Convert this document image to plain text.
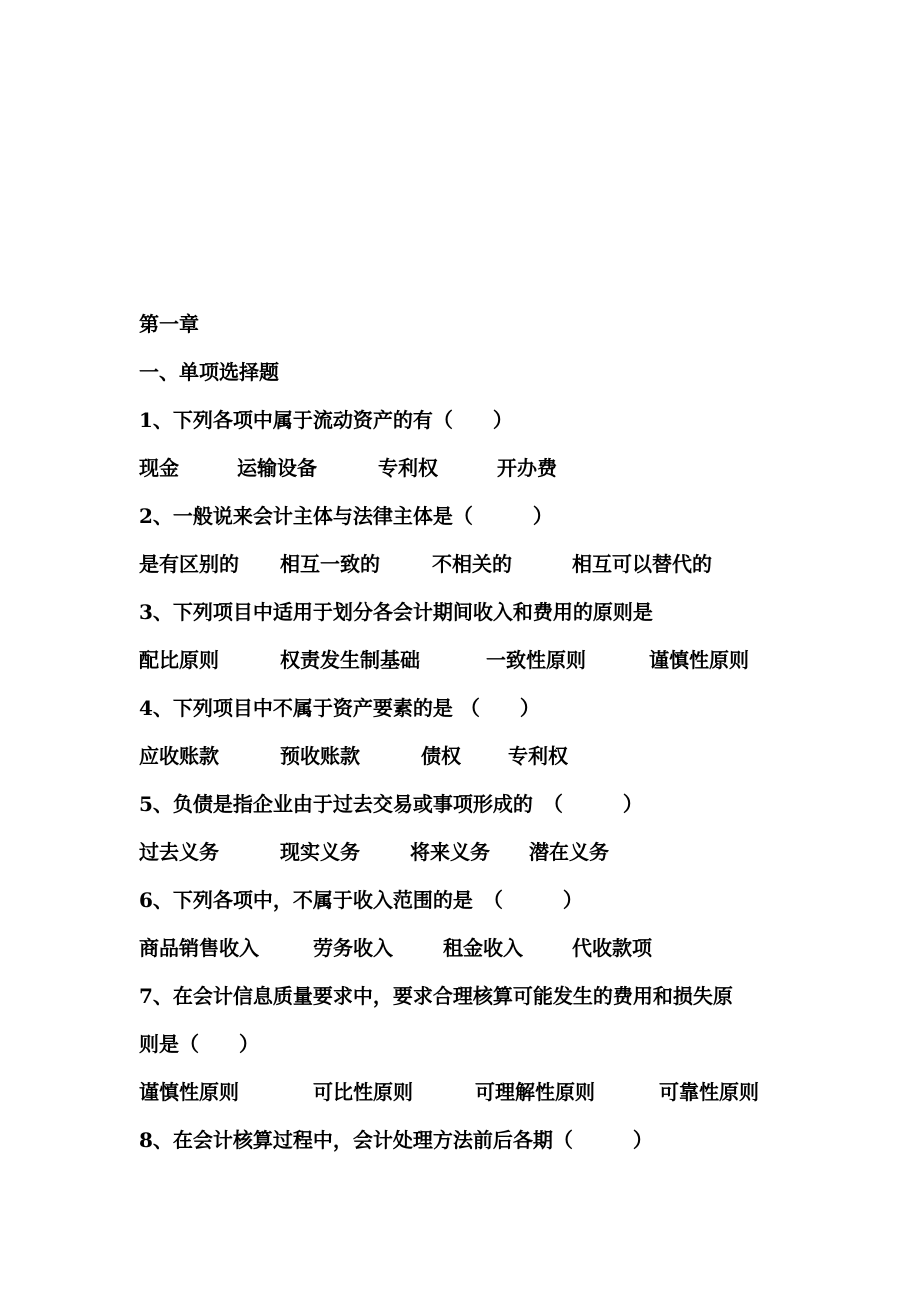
第一章
一、单项选择题
1、下列各项中属于流动资产的有（　　）
现金	运输设备	专利权	开办费
2、一般说来会计主体与法律主体是（　　　）
是有区别的 相互一致的	不相关的	相互可以替代的
3、下列项目中适用于划分各会计期间收入和费用的原则是
配比原则	权责发生制基础	一致性原则	谨慎性原则
4、下列项目中不属于资产要素的是 （　　）
应收账款	预收账款	债权 专利权
5、负债是指企业由于过去交易或事项形成的　（　　　）
过去义务	现实义务	将来义务 潜在义务
6、下列各项中，不属于收入范围的是　（　　　）
商品销售收入	劳务收入	租金收入 代收款项
7、在会计信息质量要求中，要求合理核算可能发生的费用和损失原
则是（　　）
谨慎性原则	可比性原则	可理解性原则	可靠性原则
8、在会计核算过程中，会计处理方法前后各期（　　　）
